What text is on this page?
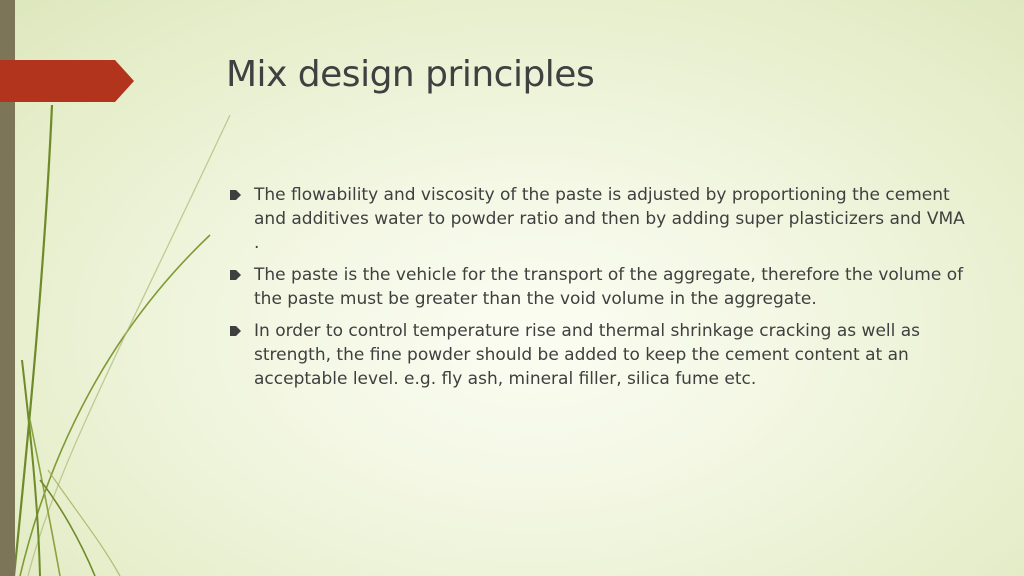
Mix design principles
The flowability and viscosity of the paste is adjusted by proportioning the cement and additives water to powder ratio and then by adding super plasticizers and VMA .
The paste is the vehicle for the transport of the aggregate, therefore the volume of the paste must be greater than the void volume in the aggregate.
In order to control temperature rise and thermal shrinkage cracking as well as strength, the fine powder should be added to keep the cement content at an acceptable level. e.g. fly ash, mineral filler, silica fume etc.
